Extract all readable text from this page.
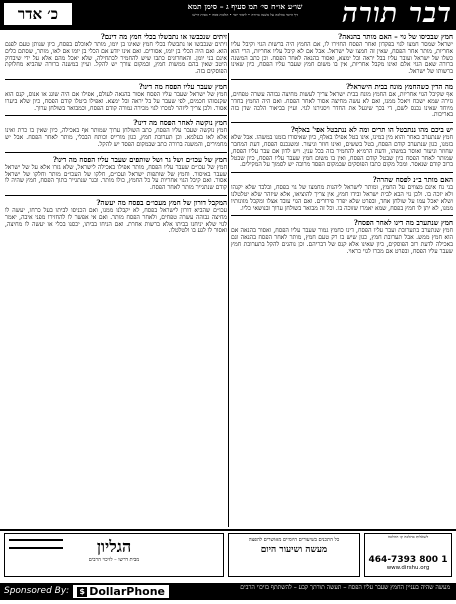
כ׳ אדר	שו״ע או״ח סי׳ תמ סעיף ג – סימן תמא
דף היומי בהלכה על משנה ברורה • לימוד יומי • הלכות פסח • מבית דרשו	דבר תורה
חמץ שבכיסו של גוי – האם מותר בהנאה?

ישראל שמסר חמצו לגוי בפקדון ואחר הפסח החזירו לו, אם החמץ היה ברשות הגוי וקיבל עליו אחריות, מותר אחר הפסח, שאין זה חמצו של ישראל. אבל אם לא קיבל עליו אחריות, הרי הוא כשלו של ישראל ועובר עליו בבל יראה ובל ימצא, ואסור בהנאה לאחר הפסח. וכן כתב המשנה ברורה שאם הגוי אלם ואינו מקבל אחריות, אין בו משום חמץ שעבר עליו הפסח, כיון שאינו ברשותו של ישראל.

מה הדין כשהחמץ מונח בבית הישראל?

אף שקיבל הגוי אחריות, אם החמץ מונח בבית ישראל צריך לעשות מחיצה גבוהה עשרה טפחים, גזירה שמא ישכח ויאכל ממנו, ואם לא עשה מחיצה אסור לאחר הפסח. ואם היה החמץ בחדר מיוחד שאינו נכנס לשם, די בכך שינעל את החדר ויסגירנו לגוי. ועיין בביאור הלכה שדן בזה באריכות.

יש ביכם מהו ננתבטל הו תרים ומה לא ננתבטל אפי' באלף?

חמץ שנתערב באחר והוא מין במינו, אינו בטל אפילו באלף, כיון שאיסורו בזמנו במשהו. אבל שלא בזמנו, כגון שנתערב קודם הפסח, בטל בששים, ואינו חוזר וניעור. ומשנכנס הפסח, דעת המחבר שחוזר וניעור ואוסר במשהו, ודעת הרמ״א להחמיר בזה בכל ענין. ויש לדון אם עבר עליו הפסח, שמותר לאחר הפסח כיון שבטל קודם הפסח, ואין בו משום חמץ שעבר עליו הפסח, כיון שבטל ברוב קודם שנאסר. ומכל מקום כתבו הפוסקים שבמקום הפסד מרובה יש לסמוך על המקילים.

האם מותר ב״נ לפסח שהרה?

בני נח אינם מצווים על החמץ, ומותר לישראל ליהנות מחמצו של גוי בפסח, ובלבד שלא יקנהו ולא יזכה בו. ולכן גוי הבא לבית ישראל ובידו חמץ, אין צריך להוציאו, אלא שיזהר שלא יטלטלנו ושלא יאכל עמו על שולחן אחד, ובפרט שלא יפרר פירורים. ואם הגוי עובד אצלו ומקבל מזונותיו ממנו, לא יתן לו חמץ בפסח, שמא יאמרו שזוכה בו. וכל זה מבואר בשולחן ערוך ובנושאי כליו.

חמץ שנתערב מה דינו לאחר הפסח?

חמץ שנתערב בתערובת ועבר עליו הפסח, דינו כחמץ גמור שעבר עליו הפסח, ואסור בהנאה אם הוא חמץ ממש. אבל תערובת חמץ, כגון שיש בו רק טעם חמץ, מותר לאחר הפסח בהנאה וגם באכילה לדעת רוב הפוסקים, כיון שאינו אלא קנס של דבריהם. וכן נוהגים להקל בתערובת חמץ שעבר עליו הפסח, ובפרט אם מכרו לגוי כראוי.

זיתים שנכבשו או נתבשלו בכלי חמץ מה דינם?

זיתים שנכבשו או נתבשלו בכלי חמץ שאינו בן יומו, מותר לאוכלם בפסח, כיון שנותן טעם לפגם הוא. ואם היה הכלי בן יומו, אסורים. ואם אינו יודע אם הכלי בן יומו אם לאו, מותר, שסתם כלים אינם בני יומן. והאחרונים כתבו שיש להחמיר לכתחילה, שלא יאכל מהם אלא על ידי שיבדוק היטב שאין בהם ממשות חמץ, ובמקום צורך יש להקל. ועיין במשנה ברורה שהביא מחלוקת הפוסקים בזה.

חמץ שעבר עליו הפסח מה דינו?

חמץ של ישראל שעבר עליו הפסח אסור בהנאה לעולם, אפילו אם היה שוגג או אנוס, קנס הוא שקנסוהו חכמים, לפי שעבר על בל יראה ובל ימצא. ואפילו ביטלו קודם הפסח, כיון שלא ביערו אסור. ולכן צריך ליזהר למכרו לגוי מכירה גמורה קודם הפסח, וכמבואר בשולחן ערוך.

חמץ נוקשה לאחר הפסח מה דינו?

חמץ נוקשה שעבר עליו הפסח, כתב השולחן ערוך שמותר אף באכילה, כיון שאין בו כרת ואינו אלא לאו בעלמא. וכן תערובת חמץ, כגון מורייס וכותח הבבלי, מותר לאחר הפסח. אבל יש מחמירים, והמשנה ברורה כתב שבמקום הפסד יש להקל.

חמץ של עכו״ם ושל גר ושל שותפים שעבר עליו הפסח מה דינו?

חמץ של עכו״ם שעבר עליו הפסח, מותר אפילו באכילה לישראל, שלא גזרו אלא על של ישראל שעבר באיסור. וחמץ של שותפות ישראל ועכו״ם, חלקו של העכו״ם מותר וחלקו של ישראל אסור. ואם קיבל הגוי אחריות על כל החמץ, כולו מותר. ובגר שנתגייר בתוך הפסח, חמץ שהיה לו קודם שנתגייר מותר לאחר הפסח.

המקבל דורון של חמץ מעכו״ם בפסח מה יעשה?

עכו״ם שהביא דורון לישראל בפסח, לא יקבלנו ממנו, ואם הכניסו לביתו בעל כרחו, יעשה לו מחיצה גבוהה עשרה טפחים, ולאחר הפסח מותר. ואם אי אפשר לו להחזירו מפני איבה, יאמר לגוי שלא יניחנו בביתו אלא ברשות אחרת. ואם הניחו בביתו, יכסנו בכלי או יעשה לו מחיצה, ואסור לו לגע בו ולטלטלו.

לשאלות בהלכה קו ההלכה
1 800 464-7393
www.dirshu.org
כל התכנים בשיעורים היומיים מאושרים להפצה
מעשה ושיעור היום
הגליון
מבית דרשו – לזיכוי הרבים
Sponsored By: $ DollarPhone	מעשה שהיה בעניין החמץ שעבר עליו הפסח – תעשה תורתך קבע – להשתתף בזיכוי הרבים
